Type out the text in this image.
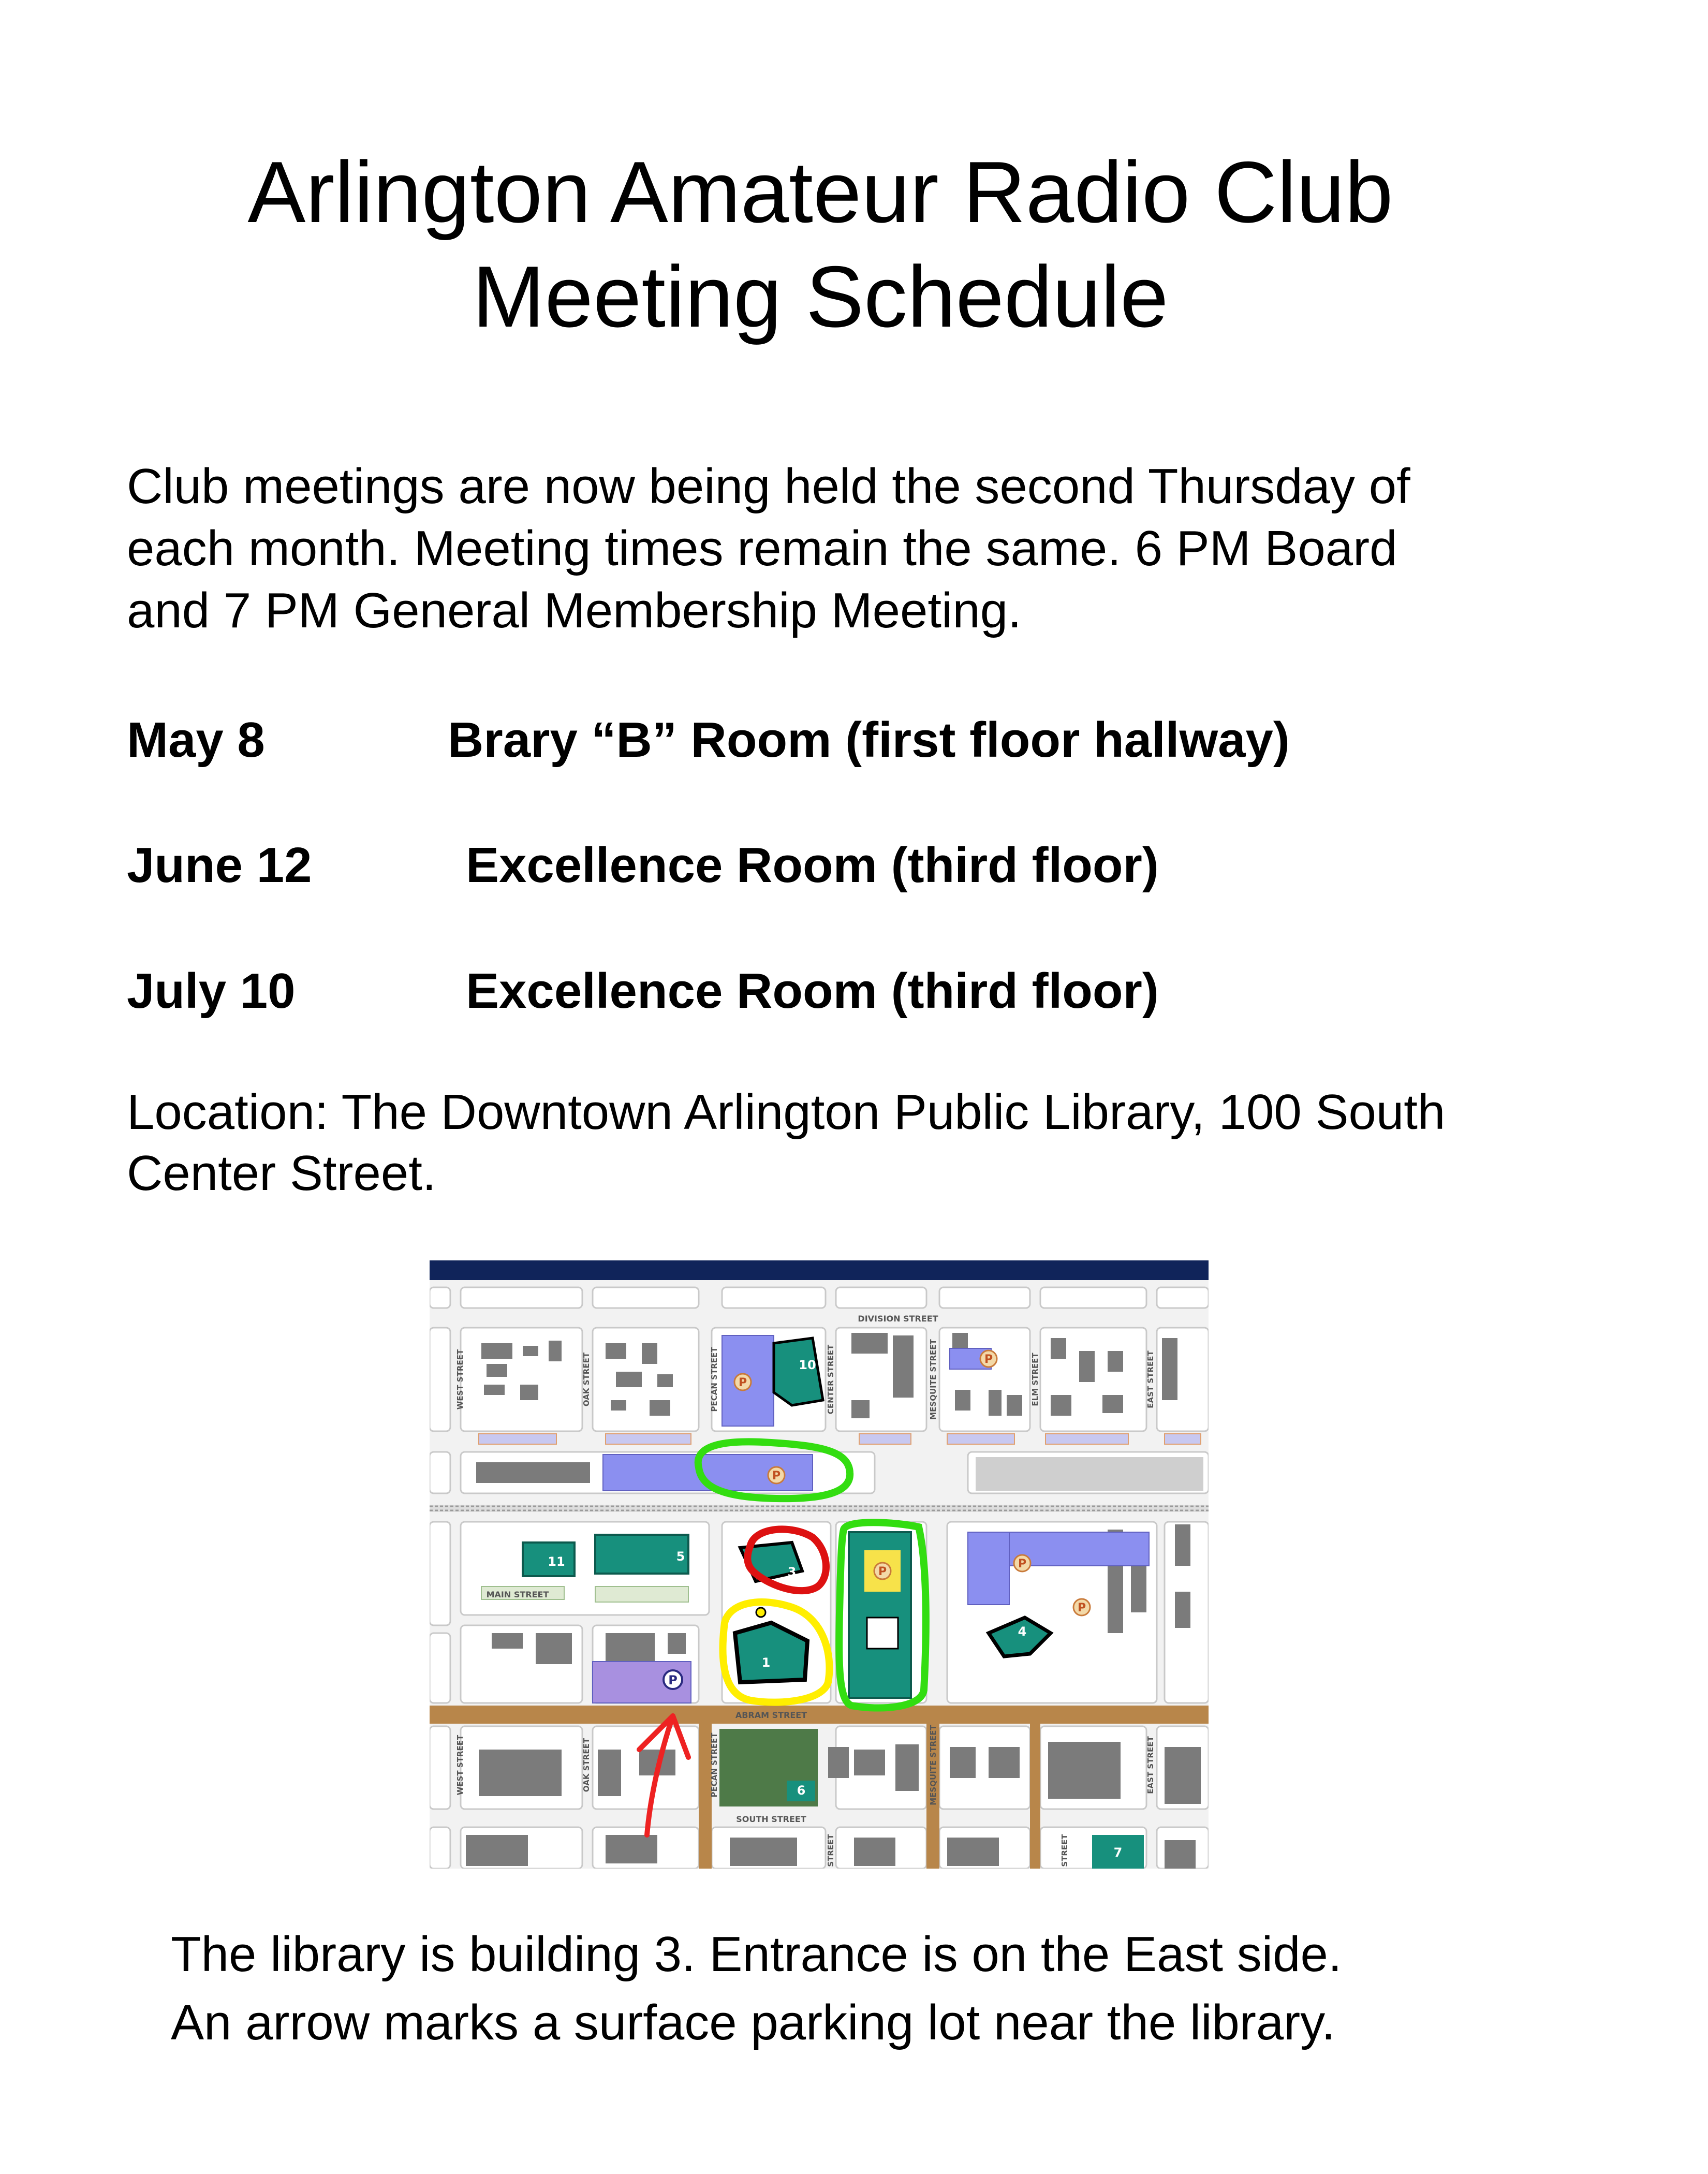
Arlington Amateur Radio Club
Meeting Schedule
Club meetings are now being held the second Thursday of
each month. Meeting times remain the same. 6 PM Board
and 7 PM General Membership Meeting.
May 8	Brary “B” Room (first floor hallway)
June 12	Excellence Room (third floor)
July 10	Excellence Room (third floor)
Location: The Downtown Arlington Public Library, 100 South
Center Street.
P
P
P
P
P
P
P
10
11	5
3
2
1
4
6
7
DIVISION STREET
MAIN STREET
ABRAM STREET
SOUTH STREET
WEST STREET	OAK STREET	PECAN STREET	CENTER STREET	MESQUITE STREET	ELM STREET	EAST STREET
WEST STREET	OAK STREET	PECAN STREET	MESQUITE STREET	EAST STREET
STREET	STREET
The library is building 3. Entrance is on the East side.
An arrow marks a surface parking lot near the library.
